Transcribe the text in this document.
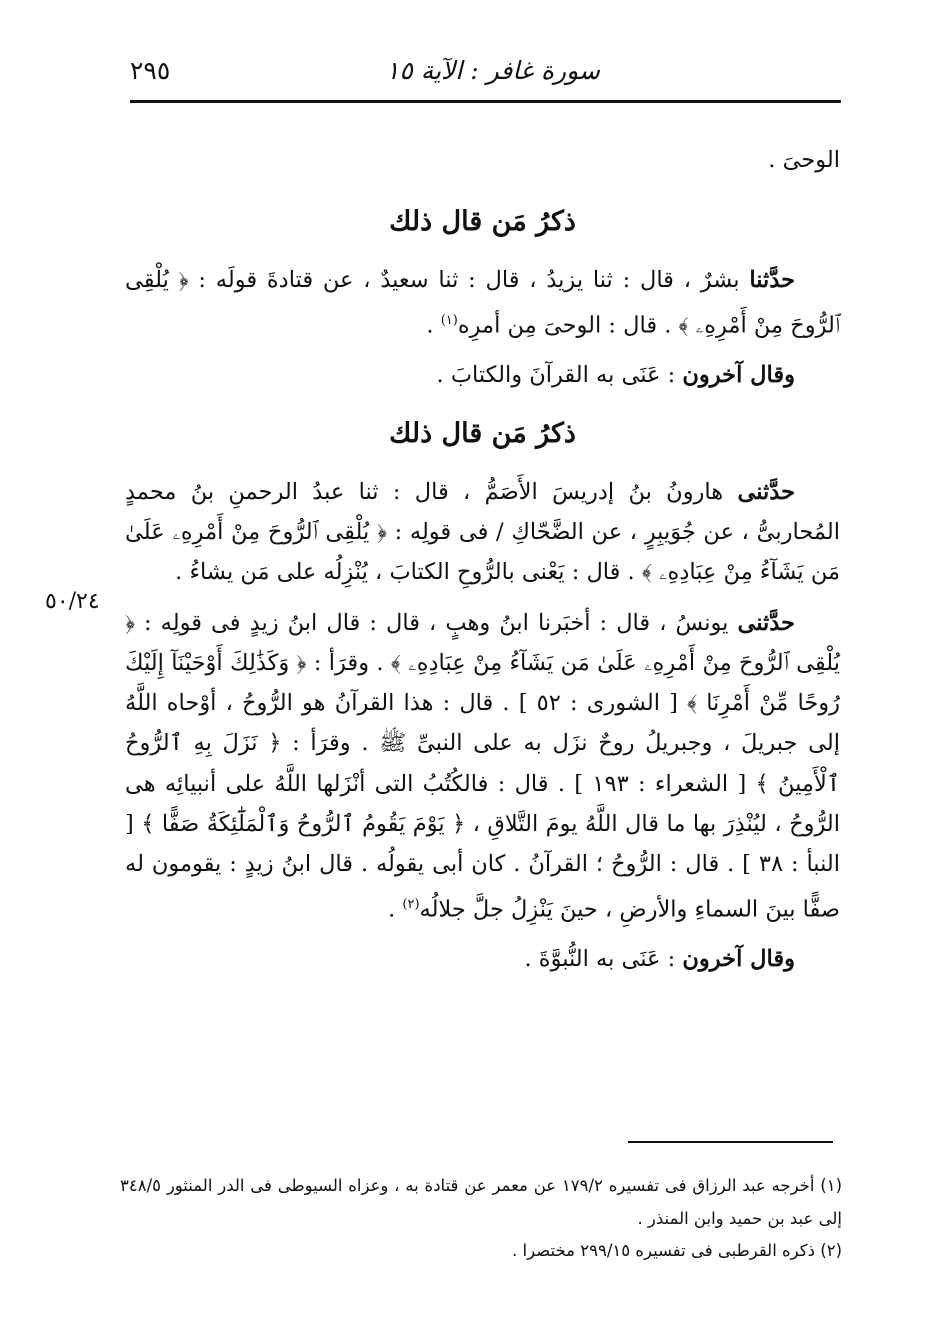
سورة غافر : الآية ١٥
٢٩٥

الوحىَ .

ذكرُ مَن قال ذلك

حدَّثنا بشرٌ ، قال : ثنا يزيدُ ، قال : ثنا سعيدٌ ، عن قتادةَ قولَه : ﴿ يُلْقِى ٱلرُّوحَ مِنْ أَمْرِهِۦ ﴾ . قال : الوحىَ مِن أمرِه$^{(١)}$ .

وقال آخرون : عَنَى به القرآنَ والكتابَ .

ذكرُ مَن قال ذلك

حدَّثنى هارونُ بنُ إدريسَ الأَصَمُّ ، قال : ثنا عبدُ الرحمنِ بنُ محمدٍ المُحاربىُّ ، عن جُوَيبِرٍ ، عن الضَّحّاكِ / فى قولِه : ﴿ يُلْقِى ٱلرُّوحَ مِنْ أَمْرِهِۦ عَلَىٰ مَن يَشَآءُ مِنْ عِبَادِهِۦ ﴾ . قال : يَعْنى بالرُّوحِ الكتابَ ، يُنْزِلُه على مَن يشاءُ .

حدَّثنى يونسُ ، قال : أخبَرنا ابنُ وهبٍ ، قال : قال ابنُ زيدٍ فى قولِه : ﴿ يُلْقِى ٱلرُّوحَ مِنْ أَمْرِهِۦ عَلَىٰ مَن يَشَآءُ مِنْ عِبَادِهِۦ ﴾ . وقرَأ : ﴿ وَكَذَٰلِكَ أَوْحَيْنَآ إِلَيْكَ رُوحًا مِّنْ أَمْرِنَا ﴾ [ الشورى : ٥٢ ] . قال : هذا القرآنُ هو الرُّوحُ ، أوْحاه اللَّهُ إلى جبريلَ ، وجبريلُ روحٌ نزَل به على النبىِّ ﷺ . وقرَأ : ﴿ نَزَلَ بِهِ ٱلرُّوحُ ٱلْأَمِينُ ﴾ [ الشعراء : ١٩٣ ] . قال : فالكُتُبُ التى أنْزَلها اللَّهُ على أنبيائِه هى الرُّوحُ ، ليُنْذِرَ بها ما قال اللَّهُ يومَ التَّلاقِ ، ﴿ يَوْمَ يَقُومُ ٱلرُّوحُ وَٱلْمَلَٰٓئِكَةُ صَفًّا ﴾ [ النبأ : ٣٨ ] . قال : الرُّوحُ ؛ القرآنُ . كان أبى يقولُه . قال ابنُ زيدٍ : يقومون له صفًّا بينَ السماءِ والأرضِ ، حينَ يَنْزِلُ جلَّ جلالُه$^{(٢)}$ .

وقال آخرون : عَنَى به النُّبوَّةَ .

٥٠/٢٤

(١) أخرجه عبد الرزاق فى تفسيره ١٧٩/٢ عن معمر عن قتادة به ، وعزاه السيوطى فى الدر المنثور ٣٤٨/٥ إلى عبد بن حميد وابن المنذر .

(٢) ذكره القرطبى فى تفسيره ٢٩٩/١٥ مختصرا .
